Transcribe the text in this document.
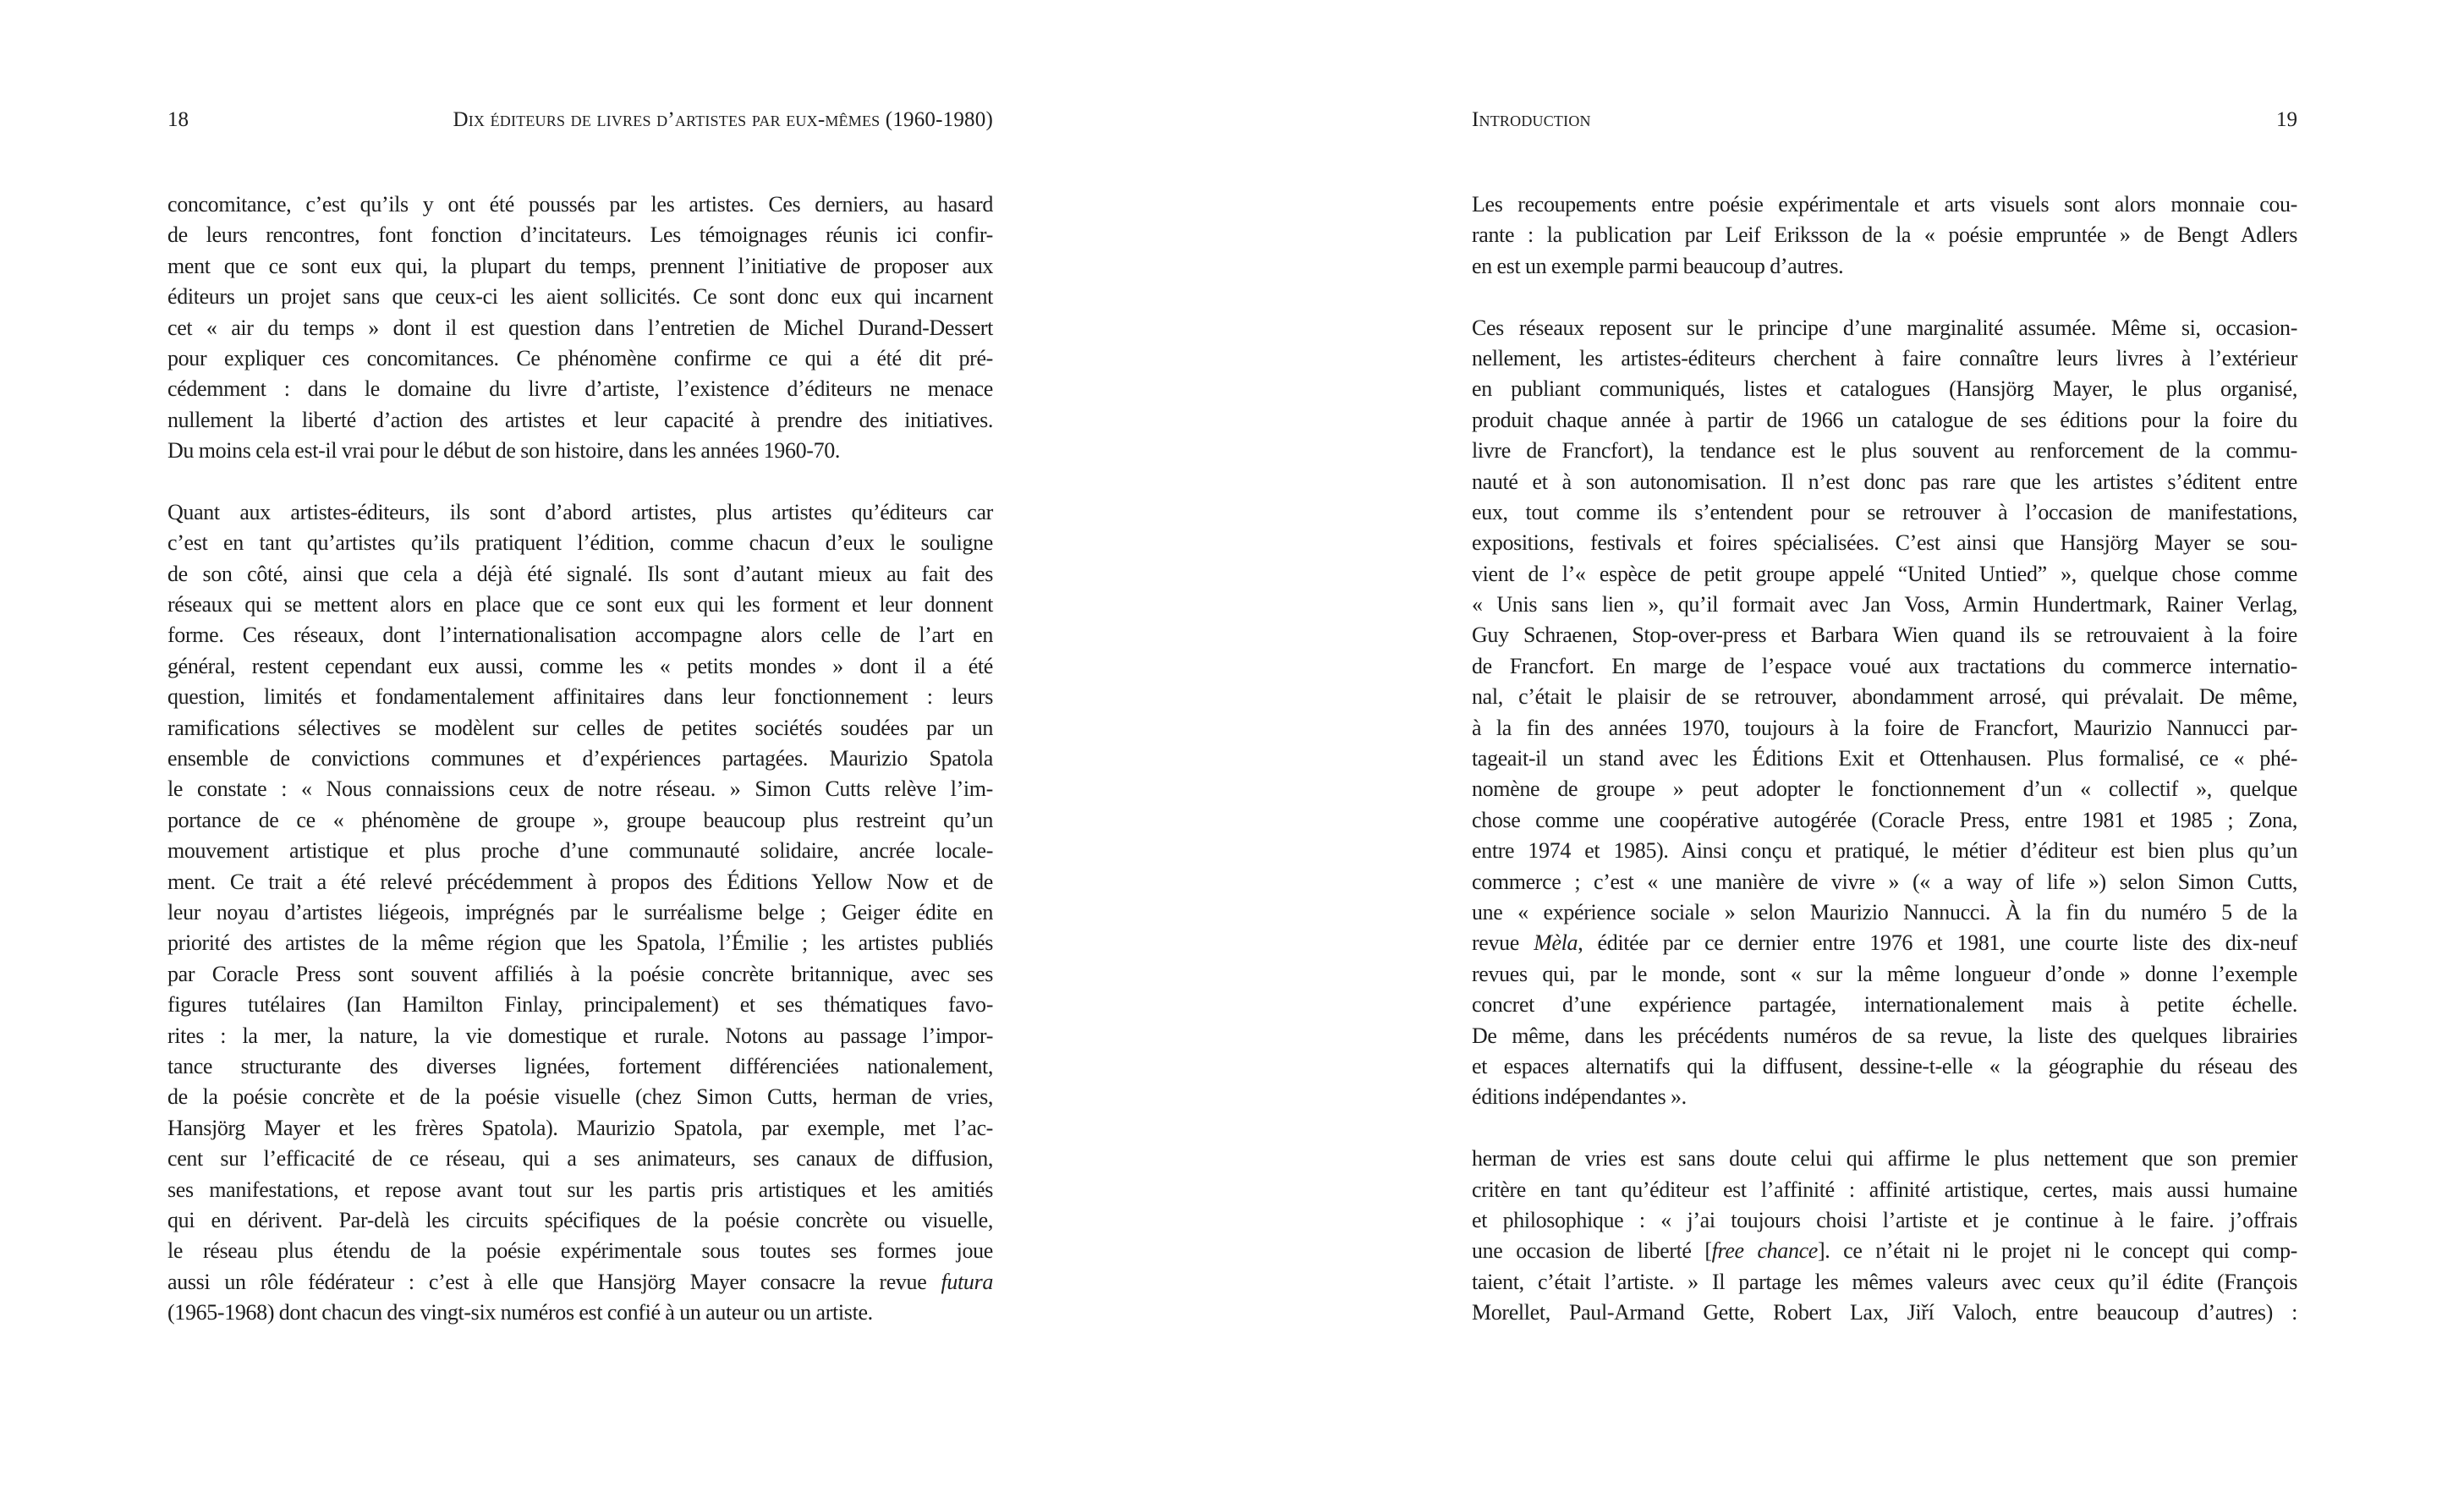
18	Dix éditeurs de livres d’artistes par eux-mêmes (1960-1980)
concomitance, c’est qu’ils y ont été poussés par les artistes. Ces derniers, au hasard
de leurs rencontres, font fonction d’incitateurs. Les témoignages réunis ici confir-
ment que ce sont eux qui, la plupart du temps, prennent l’initiative de proposer aux
éditeurs un projet sans que ceux-ci les aient sollicités. Ce sont donc eux qui incarnent
cet « air du temps » dont il est question dans l’entretien de Michel Durand-Dessert
pour expliquer ces concomitances. Ce phénomène confirme ce qui a été dit pré-
cédemment : dans le domaine du livre d’artiste, l’existence d’éditeurs ne menace
nullement la liberté d’action des artistes et leur capacité à prendre des initiatives.
Du moins cela est-il vrai pour le début de son histoire, dans les années 1960-70.
Quant aux artistes-éditeurs, ils sont d’abord artistes, plus artistes qu’éditeurs car
c’est en tant qu’artistes qu’ils pratiquent l’édition, comme chacun d’eux le souligne
de son côté, ainsi que cela a déjà été signalé. Ils sont d’autant mieux au fait des
réseaux qui se mettent alors en place que ce sont eux qui les forment et leur donnent
forme. Ces réseaux, dont l’internationalisation accompagne alors celle de l’art en
général, restent cependant eux aussi, comme les « petits mondes » dont il a été
question, limités et fondamentalement affinitaires dans leur fonctionnement : leurs
ramifications sélectives se modèlent sur celles de petites sociétés soudées par un
ensemble de convictions communes et d’expériences partagées. Maurizio Spatola
le constate : « Nous connaissions ceux de notre réseau. » Simon Cutts relève l’im-
portance de ce « phénomène de groupe », groupe beaucoup plus restreint qu’un
mouvement artistique et plus proche d’une communauté solidaire, ancrée locale-
ment. Ce trait a été relevé précédemment à propos des Éditions Yellow Now et de
leur noyau d’artistes liégeois, imprégnés par le surréalisme belge ; Geiger édite en
priorité des artistes de la même région que les Spatola, l’Émilie ; les artistes publiés
par Coracle Press sont souvent affiliés à la poésie concrète britannique, avec ses
figures tutélaires (Ian Hamilton Finlay, principalement) et ses thématiques favo-
rites : la mer, la nature, la vie domestique et rurale. Notons au passage l’impor-
tance structurante des diverses lignées, fortement différenciées nationalement,
de la poésie concrète et de la poésie visuelle (chez Simon Cutts, herman de vries,
Hansjörg Mayer et les frères Spatola). Maurizio Spatola, par exemple, met l’ac-
cent sur l’efficacité de ce réseau, qui a ses animateurs, ses canaux de diffusion,
ses manifestations, et repose avant tout sur les partis pris artistiques et les amitiés
qui en dérivent. Par-delà les circuits spécifiques de la poésie concrète ou visuelle,
le réseau plus étendu de la poésie expérimentale sous toutes ses formes joue
aussi un rôle fédérateur : c’est à elle que Hansjörg Mayer consacre la revue futura
(1965-1968) dont chacun des vingt-six numéros est confié à un auteur ou un artiste.
Introduction	19
Les recoupements entre poésie expérimentale et arts visuels sont alors monnaie cou-
rante : la publication par Leif Eriksson de la « poésie empruntée » de Bengt Adlers
en est un exemple parmi beaucoup d’autres.
Ces réseaux reposent sur le principe d’une marginalité assumée. Même si, occasion-
nellement, les artistes-éditeurs cherchent à faire connaître leurs livres à l’extérieur
en publiant communiqués, listes et catalogues (Hansjörg Mayer, le plus organisé,
produit chaque année à partir de 1966 un catalogue de ses éditions pour la foire du
livre de Francfort), la tendance est le plus souvent au renforcement de la commu-
nauté et à son autonomisation. Il n’est donc pas rare que les artistes s’éditent entre
eux, tout comme ils s’entendent pour se retrouver à l’occasion de manifestations,
expositions, festivals et foires spécialisées. C’est ainsi que Hansjörg Mayer se sou-
vient de l’« espèce de petit groupe appelé “United Untied” », quelque chose comme
« Unis sans lien », qu’il formait avec Jan Voss, Armin Hundertmark, Rainer Verlag,
Guy Schraenen, Stop-over-press et Barbara Wien quand ils se retrouvaient à la foire
de Francfort. En marge de l’espace voué aux tractations du commerce internatio-
nal, c’était le plaisir de se retrouver, abondamment arrosé, qui prévalait. De même,
à la fin des années 1970, toujours à la foire de Francfort, Maurizio Nannucci par-
tageait-il un stand avec les Éditions Exit et Ottenhausen. Plus formalisé, ce « phé-
nomène de groupe » peut adopter le fonctionnement d’un « collectif », quelque
chose comme une coopérative autogérée (Coracle Press, entre 1981 et 1985 ; Zona,
entre 1974 et 1985). Ainsi conçu et pratiqué, le métier d’éditeur est bien plus qu’un
commerce ; c’est « une manière de vivre » (« a way of life ») selon Simon Cutts,
une « expérience sociale » selon Maurizio Nannucci. À la fin du numéro 5 de la
revue Mèla, éditée par ce dernier entre 1976 et 1981, une courte liste des dix-neuf
revues qui, par le monde, sont « sur la même longueur d’onde » donne l’exemple
concret d’une expérience partagée, internationalement mais à petite échelle.
De même, dans les précédents numéros de sa revue, la liste des quelques librairies
et espaces alternatifs qui la diffusent, dessine-t-elle « la géographie du réseau des
éditions indépendantes ».
herman de vries est sans doute celui qui affirme le plus nettement que son premier
critère en tant qu’éditeur est l’affinité : affinité artistique, certes, mais aussi humaine
et philosophique : « j’ai toujours choisi l’artiste et je continue à le faire. j’offrais
une occasion de liberté [free chance]. ce n’était ni le projet ni le concept qui comp-
taient, c’était l’artiste. » Il partage les mêmes valeurs avec ceux qu’il édite (François
Morellet, Paul-Armand Gette, Robert Lax, Jiří Valoch, entre beaucoup d’autres) :
